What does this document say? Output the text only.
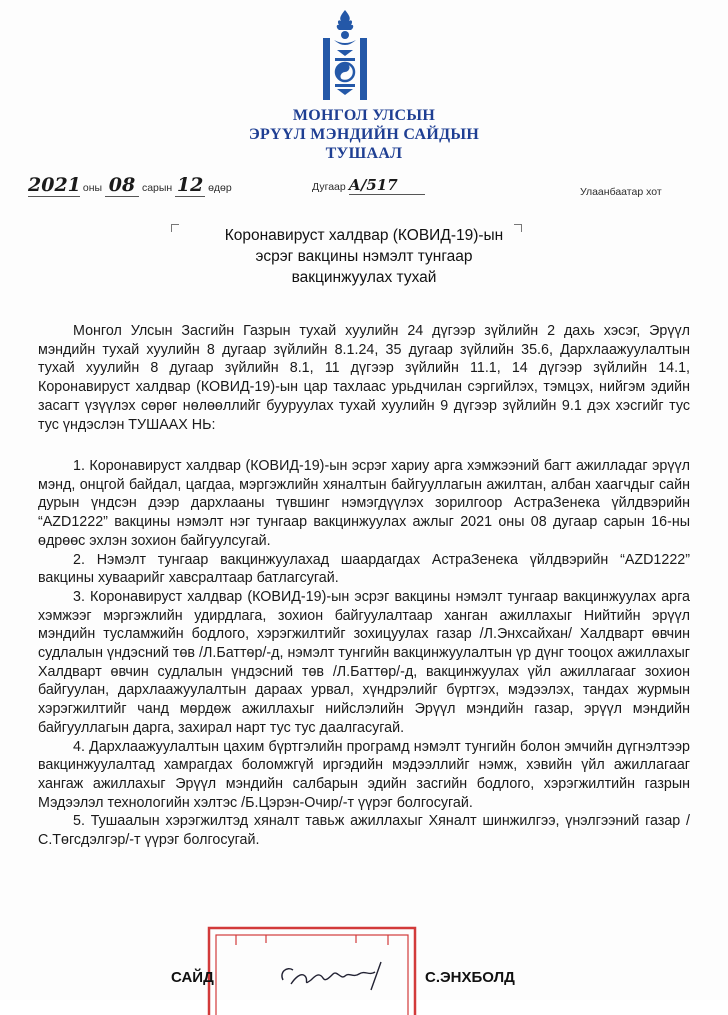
МОНГОЛ УЛСЫН
ЭРҮҮЛ МЭНДИЙН САЙДЫН
ТУШААЛ
2021 оны 08 сарын 12 өдөр	Дугаар А/517	Улаанбаатар хот
Коронавируст халдвар (КОВИД-19)-ын
эсрэг вакцины нэмэлт тунгаар
вакцинжуулах тухай

Монгол Улсын Засгийн Газрын тухай хуулийн 24 дүгээр зүйлийн 2 дахь хэсэг, Эрүүл мэндийн тухай хуулийн 8 дугаар зүйлийн 8.1.24, 35 дугаар зүйлийн 35.6, Дархлаажуулалтын тухай хуулийн 8 дугаар зүйлийн 8.1, 11 дүгээр зүйлийн 11.1, 14 дүгээр зүйлийн 14.1, Коронавируст халдвар (КОВИД-19)-ын цар тахлаас урьдчилан сэргийлэх, тэмцэх, нийгэм эдийн засагт үзүүлэх сөрөг нөлөөллийг бууруулах тухай хуулийн 9 дүгээр зүйлийн 9.1 дэх хэсгийг тус тус үндэслэн ТУШААХ НЬ:

1. Коронавируст халдвар (КОВИД-19)-ын эсрэг хариу арга хэмжээний багт ажилладаг эрүүл мэнд, онцгой байдал, цагдаа, мэргэжлийн хяналтын байгууллагын ажилтан, албан хаагчдыг сайн дурын үндсэн дээр дархлааны түвшинг нэмэгдүүлэх зорилгоор АстраЗенека үйлдвэрийн “AZD1222” вакцины нэмэлт нэг тунгаар вакцинжуулах ажлыг 2021 оны 08 дугаар сарын 16-ны өдрөөс эхлэн зохион байгуулсугай.

2. Нэмэлт тунгаар вакцинжуулахад шаардагдах АстраЗенека үйлдвэрийн “AZD1222” вакцины хуваарийг хавсралтаар батлагсугай.

3. Коронавируст халдвар (КОВИД-19)-ын эсрэг вакцины нэмэлт тунгаар вакцинжуулах арга хэмжээг мэргэжлийн удирдлага, зохион байгуулалтаар ханган ажиллахыг Нийтийн эрүүл мэндийн тусламжийн бодлого, хэрэгжилтийг зохицуулах газар /Л.Энхсайхан/ Халдварт өвчин судлалын үндэсний төв /Л.Баттөр/-д, нэмэлт тунгийн вакцинжуулалтын үр дүнг тооцох ажиллахыг Халдварт өвчин судлалын үндэсний төв /Л.Баттөр/-д, вакцинжуулах үйл ажиллагааг зохион байгуулан, дархлаажуулалтын дараах урвал, хүндрэлийг бүртгэх, мэдээлэх, тандах журмын хэрэгжилтийг чанд мөрдөж ажиллахыг нийслэлийн Эрүүл мэндийн газар, эрүүл мэндийн байгууллагын дарга, захирал нарт тус тус даалгасугай.

4. Дархлаажуулалтын цахим бүртгэлийн програмд нэмэлт тунгийн болон эмчийн дүгнэлтээр вакцинжуулалтад хамрагдах боломжгүй иргэдийн мэдээллийг нэмж, хэвийн үйл ажиллагааг хангаж ажиллахыг Эрүүл мэндийн салбарын эдийн засгийн бодлого, хэрэгжилтийн газрын Мэдээлэл технологийн хэлтэс /Б.Цэрэн-Очир/-т үүрэг болгосугай.

5. Тушаалын хэрэгжилтэд хяналт тавьж ажиллахыг Хяналт шинжилгээ, үнэлгээний газар /С.Төгсдэлгэр/-т үүрэг болгосугай.

САЙД	С.ЭНХБОЛД
